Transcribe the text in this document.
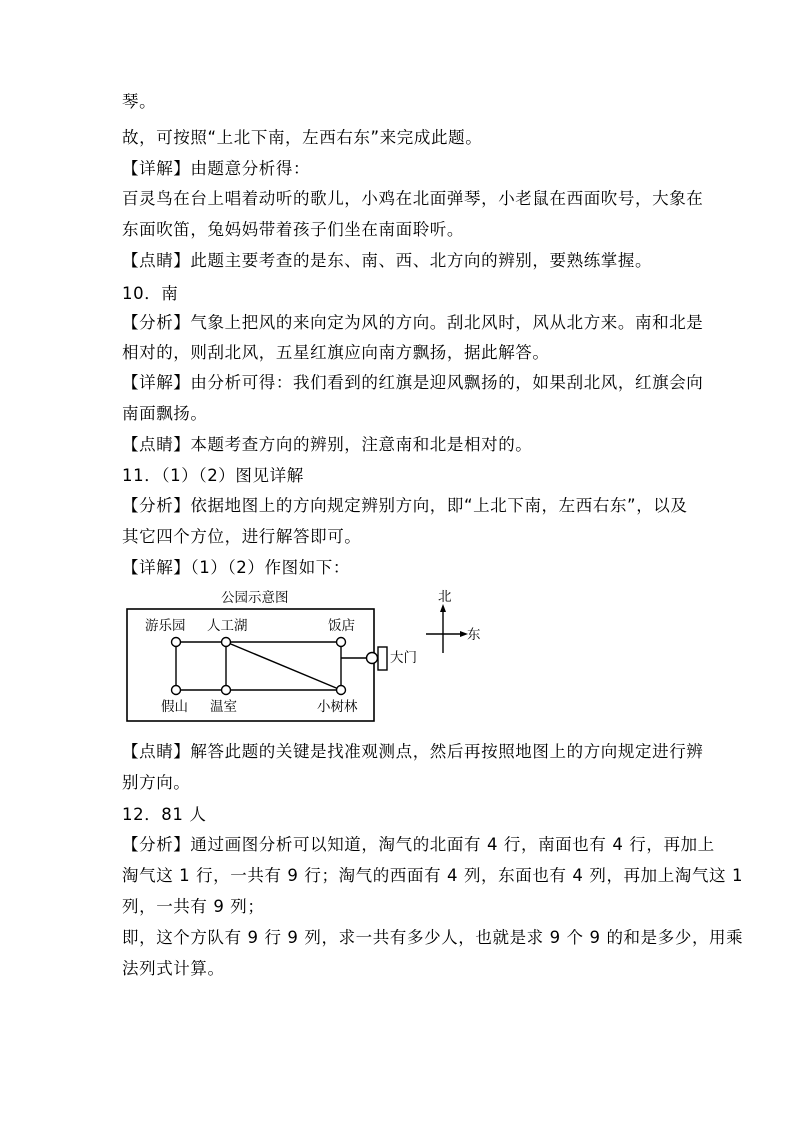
琴。
故，可按照“上北下南，左西右东”来完成此题。
【详解】由题意分析得：
百灵鸟在台上唱着动听的歌儿，小鸡在北面弹琴，小老鼠在西面吹号，大象在
东面吹笛，兔妈妈带着孩子们坐在南面聆听。
【点睛】此题主要考查的是东、南、西、北方向的辨别，要熟练掌握。
10．南
【分析】气象上把风的来向定为风的方向。刮北风时，风从北方来。南和北是
相对的，则刮北风，五星红旗应向南方飘扬，据此解答。
【详解】由分析可得：我们看到的红旗是迎风飘扬的，如果刮北风，红旗会向
南面飘扬。
【点睛】本题考查方向的辨别，注意南和北是相对的。
11．（1）（2）图见详解
【分析】依据地图上的方向规定辨别方向，即“上北下南，左西右东”，以及
其它四个方位，进行解答即可。
【详解】（1）（2）作图如下：
公园示意图
游乐园 人工湖	饭店
假山 温室	小树林
大门
北
东
【点睛】解答此题的关键是找准观测点，然后再按照地图上的方向规定进行辨
别方向。
12．81 人
【分析】通过画图分析可以知道，淘气的北面有 4 行，南面也有 4 行，再加上
淘气这 1 行，一共有 9 行；淘气的西面有 4 列，东面也有 4 列，再加上淘气这 1
列，一共有 9 列；
即，这个方队有 9 行 9 列，求一共有多少人，也就是求 9 个 9 的和是多少，用乘
法列式计算。
